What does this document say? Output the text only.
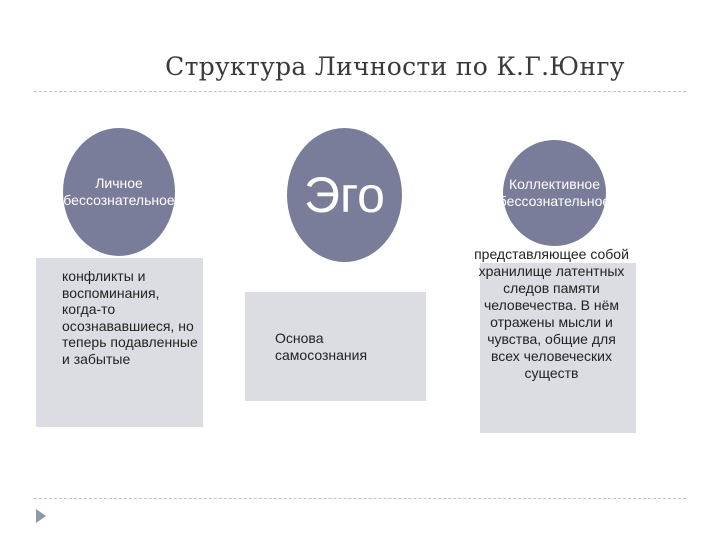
Структура Личности по К.Г.Юнгу
Личное бессознательное	Эго	Коллективное бессознательное
конфликты и воспоминания, когда-то осознававшиеся, но теперь подавленные и забытые
Основа самосознания
представляющее собой хранилище латентных следов памяти человечества. В нём отражены мысли и чувства, общие для всех человеческих существ
